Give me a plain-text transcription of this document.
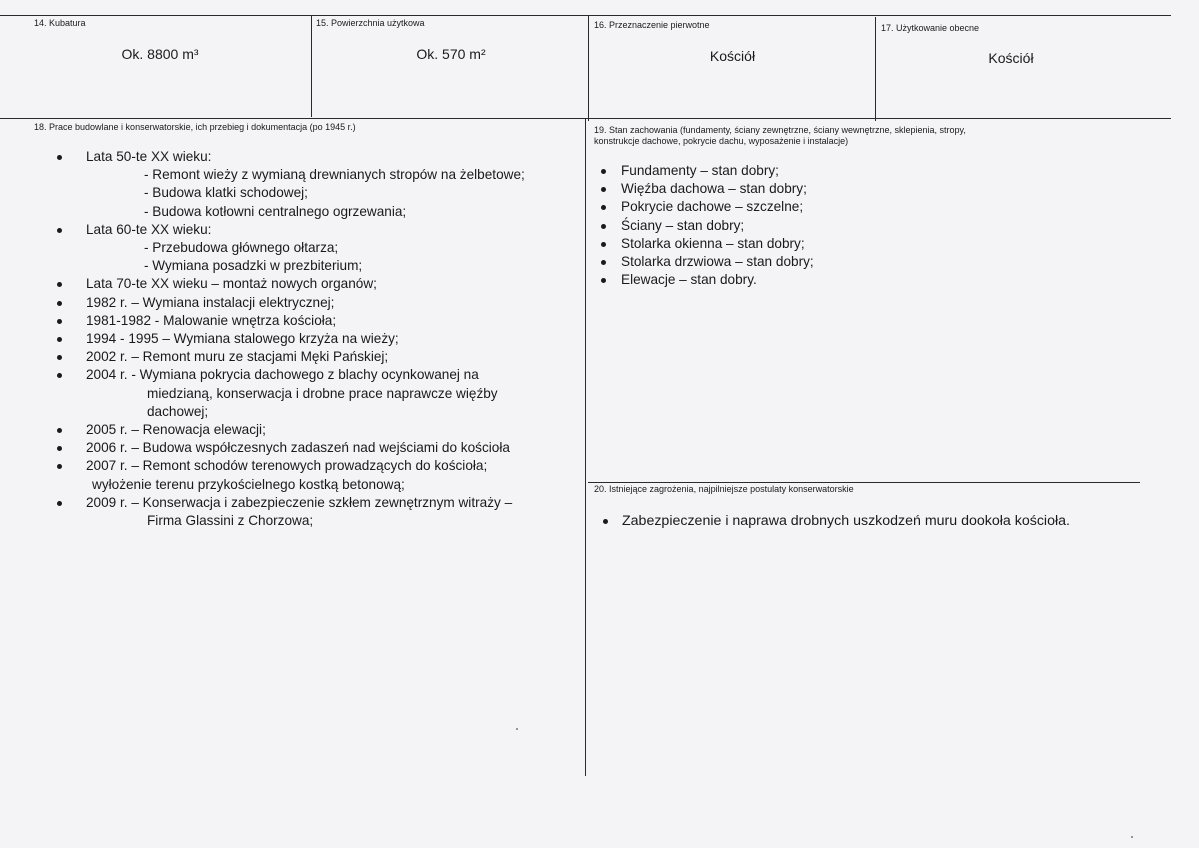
14. Kubatura
Ok. 8800 m³
15. Powierzchnia użytkowa
Ok. 570 m²
16. Przeznaczenie pierwotne
Kościół
17. Użytkowanie obecne
Kościół
18. Prace budowlane i konserwatorskie, ich przebieg i dokumentacja (po 1945 r.)
Lata 50-te XX wieku:
- Remont wieży z wymianą drewnianych stropów na żelbetowe;
- Budowa klatki schodowej;
- Budowa kotłowni centralnego ogrzewania;
Lata 60-te XX wieku:
- Przebudowa głównego ołtarza;
- Wymiana posadzki w prezbiterium;
Lata 70-te XX wieku – montaż nowych organów;
1982 r. – Wymiana instalacji elektrycznej;
1981-1982 - Malowanie wnętrza kościoła;
1994 - 1995 – Wymiana stalowego krzyża na wieży;
2002 r. – Remont muru ze stacjami Męki Pańskiej;
2004 r. - Wymiana pokrycia dachowego z blachy ocynkowanej na
miedzianą, konserwacja i drobne prace naprawcze więźby
dachowej;
2005 r. – Renowacja elewacji;
2006 r. – Budowa współczesnych zadaszeń nad wejściami do kościoła
2007 r. – Remont schodów terenowych prowadzących do kościoła;
wyłożenie terenu przykościelnego kostką betonową;
2009 r. – Konserwacja i zabezpieczenie szkłem zewnętrznym witraży –
Firma Glassini z Chorzowa;
19. Stan zachowania (fundamenty, ściany zewnętrzne, ściany wewnętrzne, sklepienia, stropy,
konstrukcje dachowe, pokrycie dachu, wyposażenie i instalacje)
Fundamenty – stan dobry;
Więźba dachowa – stan dobry;
Pokrycie dachowe – szczelne;
Ściany – stan dobry;
Stolarka okienna – stan dobry;
Stolarka drzwiowa – stan dobry;
Elewacje – stan dobry.
20. Istniejące zagrożenia, najpilniejsze postulaty konserwatorskie
Zabezpieczenie i naprawa drobnych uszkodzeń muru dookoła kościoła.
